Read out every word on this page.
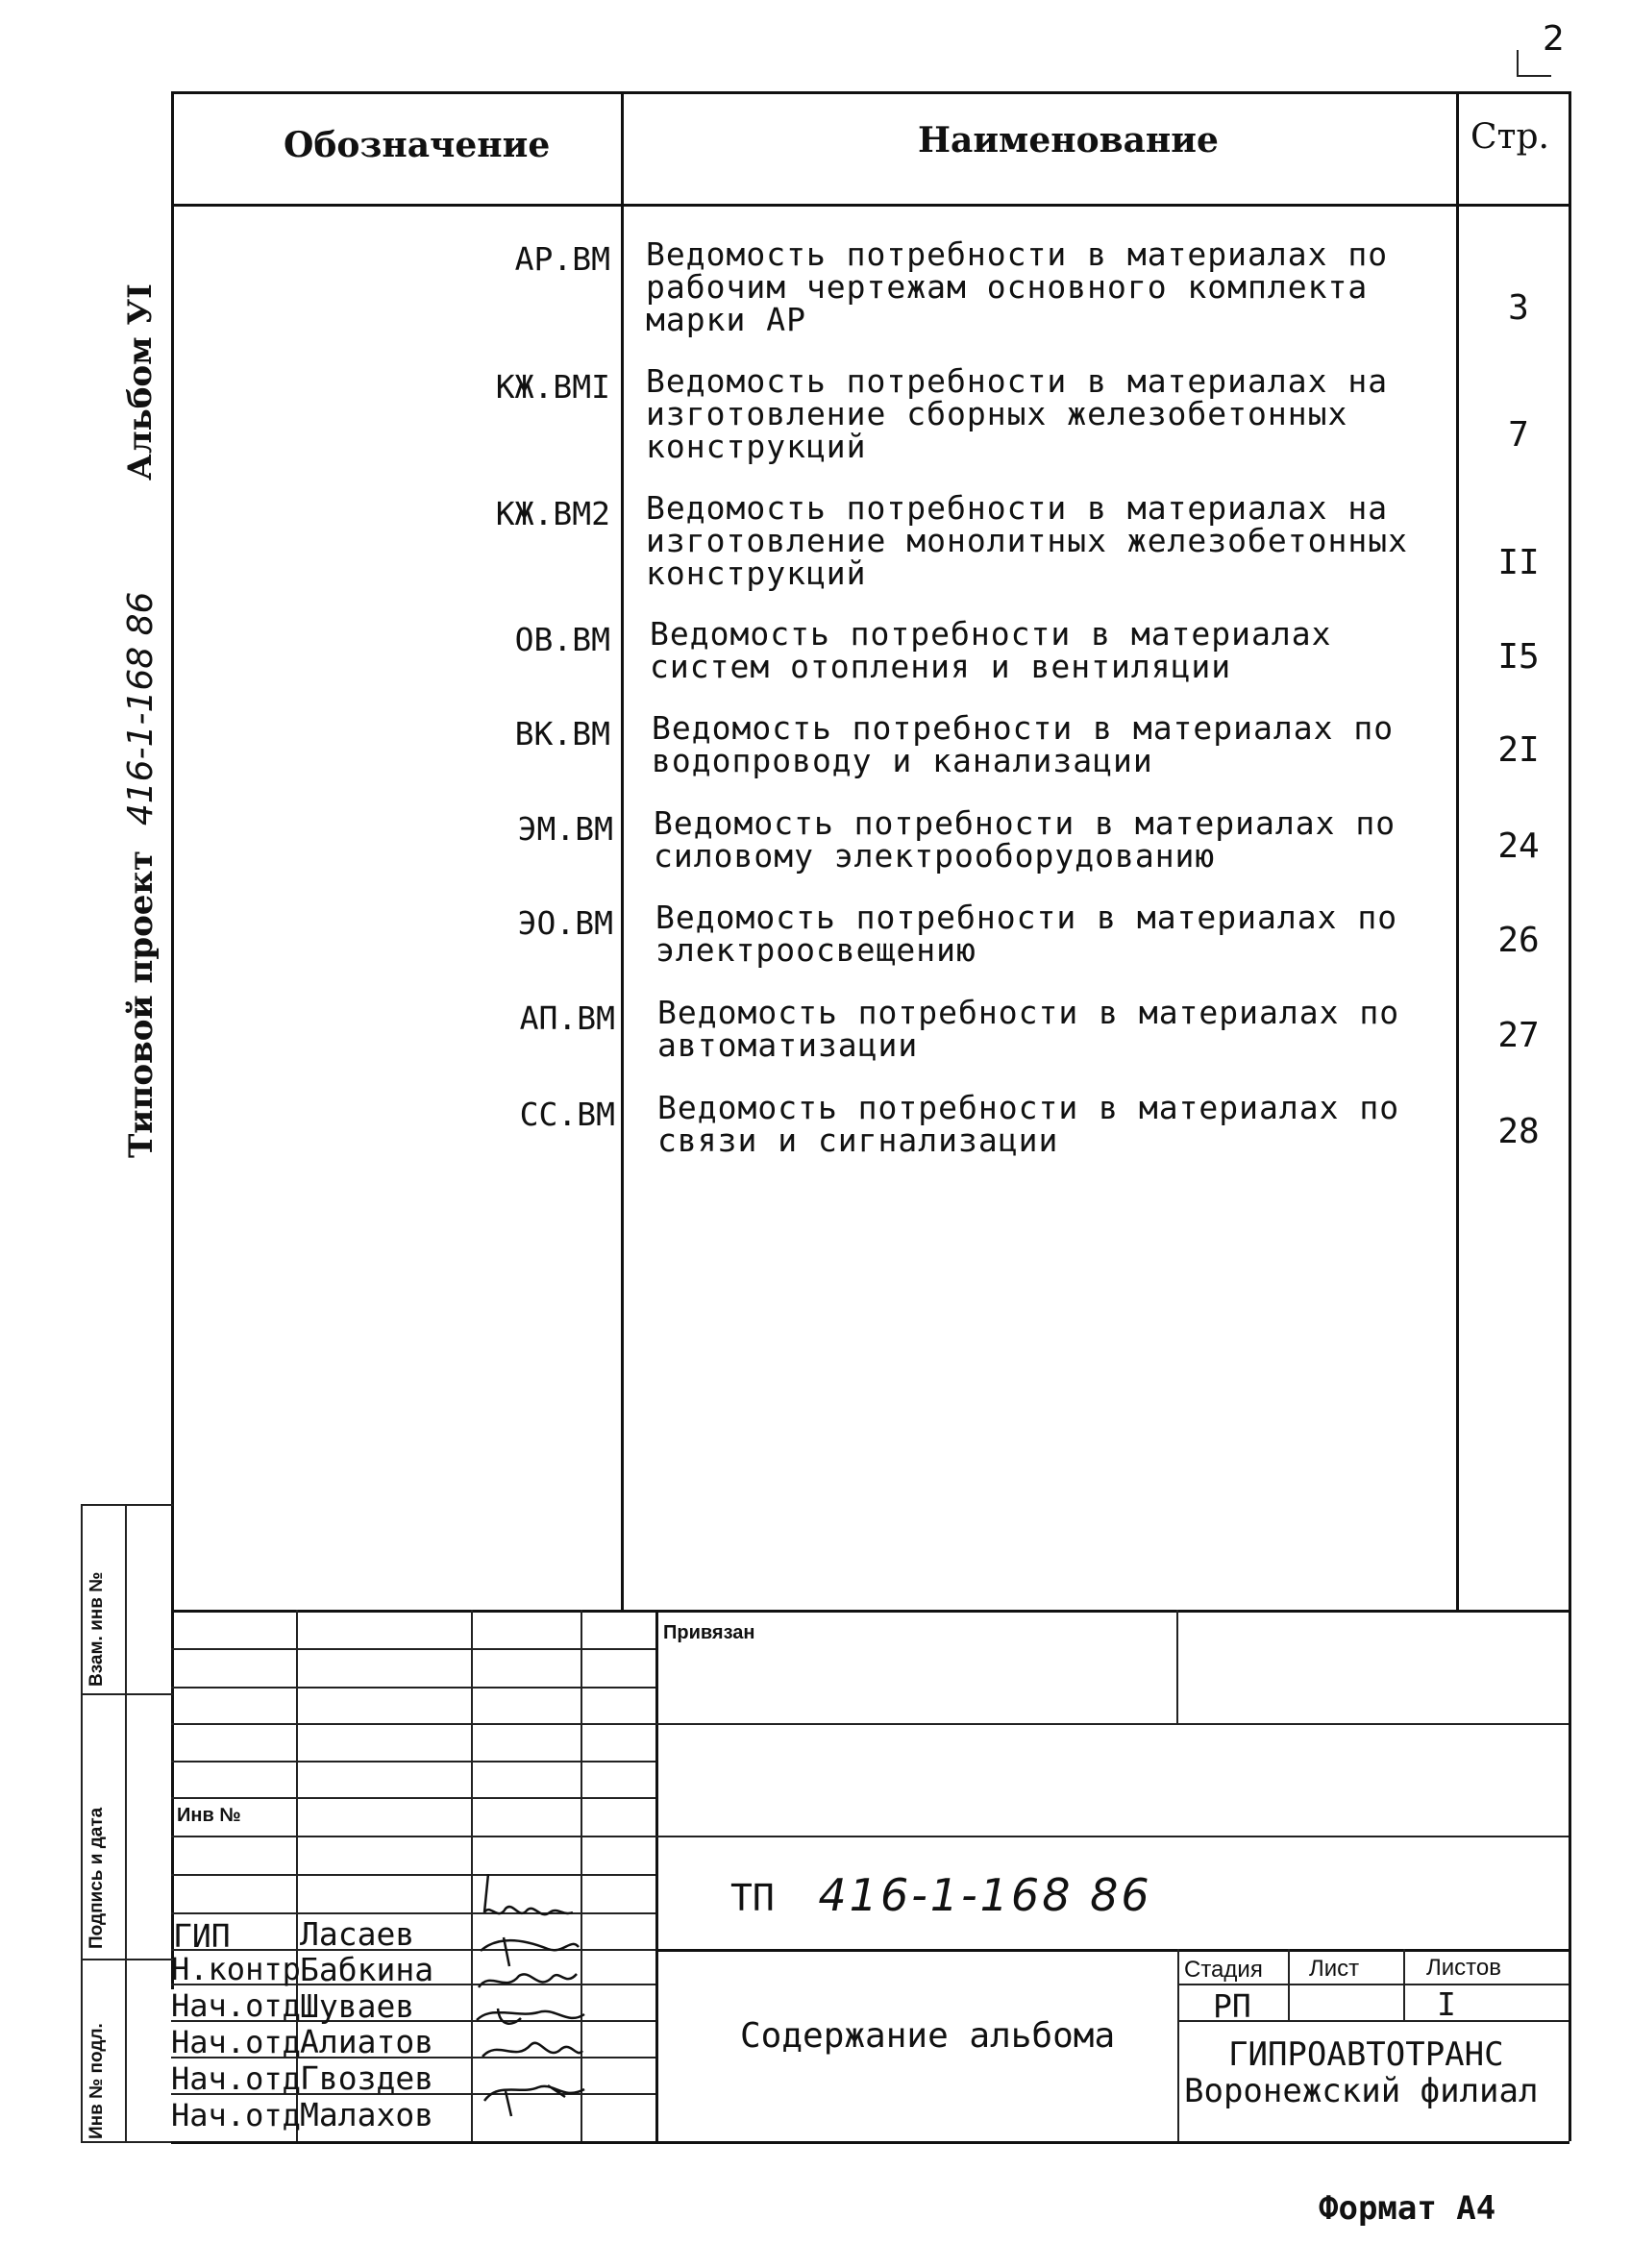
2
Обозначение	Наименование	Стр.
АР.ВМ Ведомость потребности в материалах по
рабочим чертежам основного комплекта
марки АР	3
КЖ.ВМI Ведомость потребности в материалах на
изготовление сборных железобетонных
конструкций	7
КЖ.ВМ2 Ведомость потребности в материалах на
изготовление монолитных железобетонных
конструкций	II
ОВ.ВМ Ведомость потребности в материалах
систем отопления и вентиляции	I5
ВК.ВМ Ведомость потребности в материалах по
водопроводу и канализации	2I
ЭМ.ВМ Ведомость потребности в материалах по
силовому электрооборудованию	24
ЭО.ВМ Ведомость потребности в материалах по
электроосвещению	26
АП.ВМ Ведомость потребности в материалах по
автоматизации	27
СС.ВМ Ведомость потребности в материалах по
связи и сигнализации	28
Альбом УI
Типовой проект 416-1-168 86
Взам. инв №
Подпись и дата
Инв № подл.
Инв №
ГИП Ласаев
Н.контр Бабкина
Нач.отд Шуваев
Нач.отд Алиатов
Нач.отд Гвоздев
Нач.отд Малахов
Привязан
ТП 416-1-168 86
Содержание альбома
Стадия Лист	Листов
РП	I
ГИПРОАВТОТРАНС
Воронежский филиал
Формат А4
